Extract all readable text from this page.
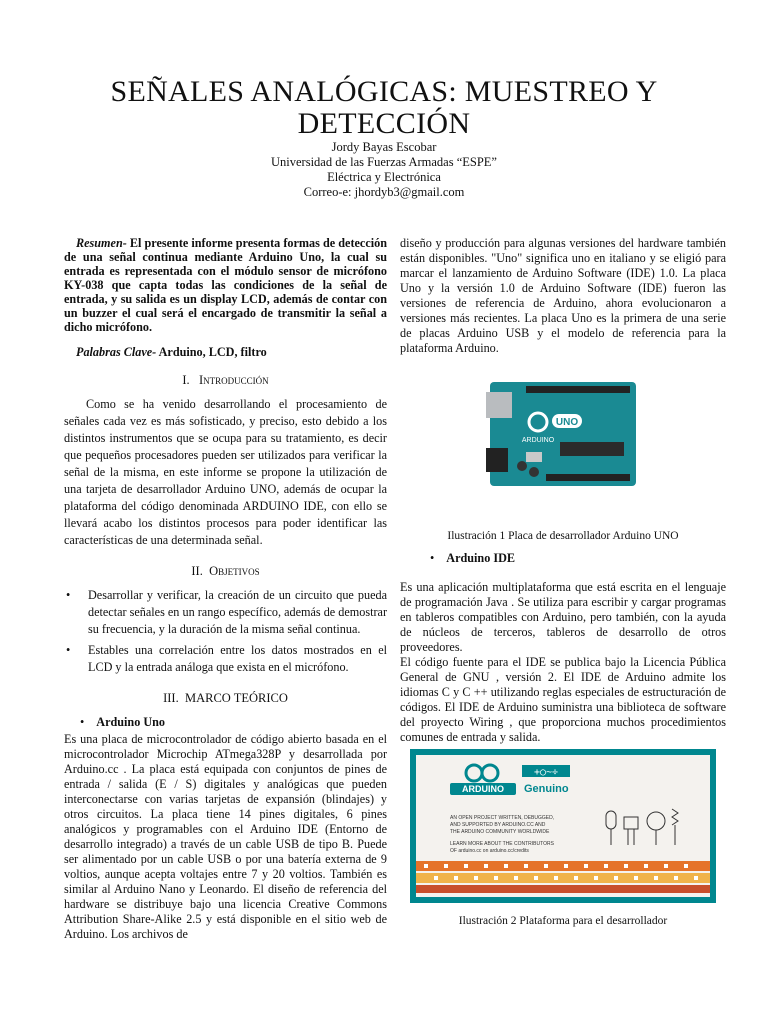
SEÑALES ANALÓGICAS: MUESTREO Y DETECCIÓN
Jordy Bayas Escobar
Universidad de las Fuerzas Armadas “ESPE”
Eléctrica y Electrónica
Correo-e: jhordyb3@gmail.com

Resumen- El presente informe presenta formas de detección de una señal continua mediante Arduino Uno, la cual su entrada es representada con el módulo sensor de micrófono KY-038 que capta todas las condiciones de la señal de entrada, y su salida es un display LCD, además de contar con un buzzer el cual será el encargado de transmitir la señal a dicho micrófono.

Palabras Clave- Arduino, LCD, filtro

I. Introducción

Como se ha venido desarrollando el procesamiento de señales cada vez es más sofisticado, y preciso, esto debido a los distintos instrumentos que se ocupa para su tratamiento, es decir que pequeños procesadores pueden ser utilizados para verificar la señal de la misma, en este informe se propone la utilización de una tarjeta de desarrollador Arduino UNO, además de ocupar la plataforma del código denominada ARDUINO IDE, con ello se llevará acabo los distintos procesos para poder identificar las características de una determinada señal.

II. Objetivos
• Desarrollar y verificar, la creación de un circuito que pueda detectar señales en un rango específico, además de demostrar su frecuencia, y la duración de la misma señal continua.
• Estables una correlación entre los datos mostrados en el LCD y la entrada análoga que exista en el micrófono.
III. MARCO TEÓRICO
• Arduino Uno

Es una placa de microcontrolador de código abierto basada en el microcontrolador Microchip ATmega328P y desarrollada por Arduino.cc . La placa está equipada con conjuntos de pines de entrada / salida (E / S) digitales y analógicas que pueden interconectarse con varias tarjetas de expansión (blindajes) y otros circuitos. La placa tiene 14 pines digitales, 6 pines analógicos y programables con el Arduino IDE (Entorno de desarrollo integrado) a través de un cable USB de tipo B. Puede ser alimentado por un cable USB o por una batería externa de 9 voltios, aunque acepta voltajes entre 7 y 20 voltios. También es similar al Arduino Nano y Leonardo. El diseño de referencia del hardware se distribuye bajo una licencia Creative Commons Attribution Share-Alike 2.5 y está disponible en el sitio web de Arduino. Los archivos de

diseño y producción para algunas versiones del hardware también están disponibles. "Uno" significa uno en italiano y se eligió para marcar el lanzamiento de Arduino Software (IDE) 1.0. La placa Uno y la versión 1.0 de Arduino Software (IDE) fueron las versiones de referencia de Arduino, ahora evolucionaron a versiones más recientes. La placa Uno es la primera de una serie de placas Arduino USB y el modelo de referencia para la plataforma Arduino.

UNO
ARDUINO
Ilustración 1 Placa de desarrollador Arduino UNO
• Arduino IDE

Es una aplicación multiplataforma que está escrita en el lenguaje de programación Java . Se utiliza para escribir y cargar programas en tableros compatibles con Arduino, pero también, con la ayuda de núcleos de terceros, tableros de desarrollo de otros proveedores.

El código fuente para el IDE se publica bajo la Licencia Pública General de GNU , versión 2. El IDE de Arduino admite los idiomas C y C ++ utilizando reglas especiales de estructuración de códigos. El IDE de Arduino suministra una biblioteca de software del proyecto Wiring , que proporciona muchos procedimientos comunes de entrada y salida.

ARDUINO
+○~÷
Genuino
AN OPEN PROJECT WRITTEN, DEBUGGED,
AND SUPPORTED BY ARDUINO.CC AND
THE ARDUINO COMMUNITY WORLDWIDE
LEARN MORE ABOUT THE CONTRIBUTORS
OF arduino.cc on arduino.cc/credits
Ilustración 2 Plataforma para el desarrollador
